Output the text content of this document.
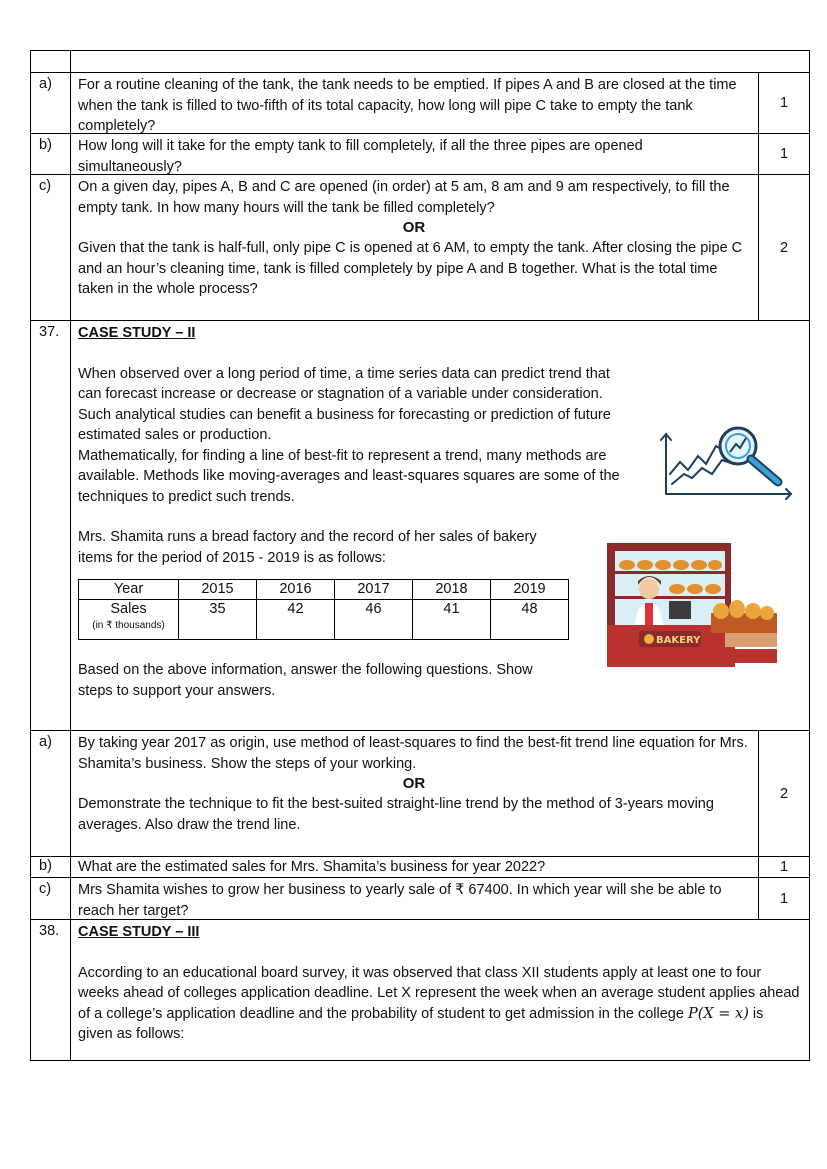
a)	For a routine cleaning of the tank, the tank needs to be emptied. If pipes A and B are closed at the time when the tank is filled to two-fifth of its total capacity, how long will pipe C take to empty the tank completely?
1
b)	How long will it take for the empty tank to fill completely, if all the three pipes are opened simultaneously?
1
c)	On a given day, pipes A, B and C are opened (in order) at 5 am, 8 am and 9 am respectively, to fill the empty tank. In how many hours will the tank be filled completely?

OR

Given that the tank is half-full, only pipe C is opened at 6 AM, to empty the tank. After closing the pipe C and an hour’s cleaning time, tank is filled completely by pipe A and B together. What is the total time taken in the whole process?

2
37.	CASE STUDY – II

When observed over a long period of time, a time series data can predict trend that can forecast increase or decrease or stagnation of a variable under consideration. Such analytical studies can benefit a business for forecasting or prediction of future estimated sales or production.

Mathematically, for finding a line of best-fit to represent a trend, many methods are available. Methods like moving-averages and least-squares squares are some of the techniques to predict such trends.

Mrs. Shamita runs a bread factory and the record of her sales of bakery items for the period of 2015 - 2019 is as follows:

Year	2015	2016	2017	2018	2019
Sales
(in ₹ thousands)	35	42	46	41	48

Based on the above information, answer the following questions. Show steps to support your answers.

BAKERY
a)	By taking year 2017 as origin, use method of least-squares to find the best-fit trend line equation for Mrs. Shamita’s business. Show the steps of your working.

OR

Demonstrate the technique to fit the best-suited straight-line trend by the method of 3-years moving averages. Also draw the trend line.

2
b)	What are the estimated sales for Mrs. Shamita’s business for year 2022?	1
c)	Mrs Shamita wishes to grow her business to yearly sale of ₹ 67400. In which year will she be able to reach her target?
1
38.	CASE STUDY – III

According to an educational board survey, it was observed that class XII students apply at least one to four weeks ahead of colleges application deadline. Let X represent the week when an average student applies ahead of a college’s application deadline and the probability of student to get admission in the college P(X = x) is given as follows:
